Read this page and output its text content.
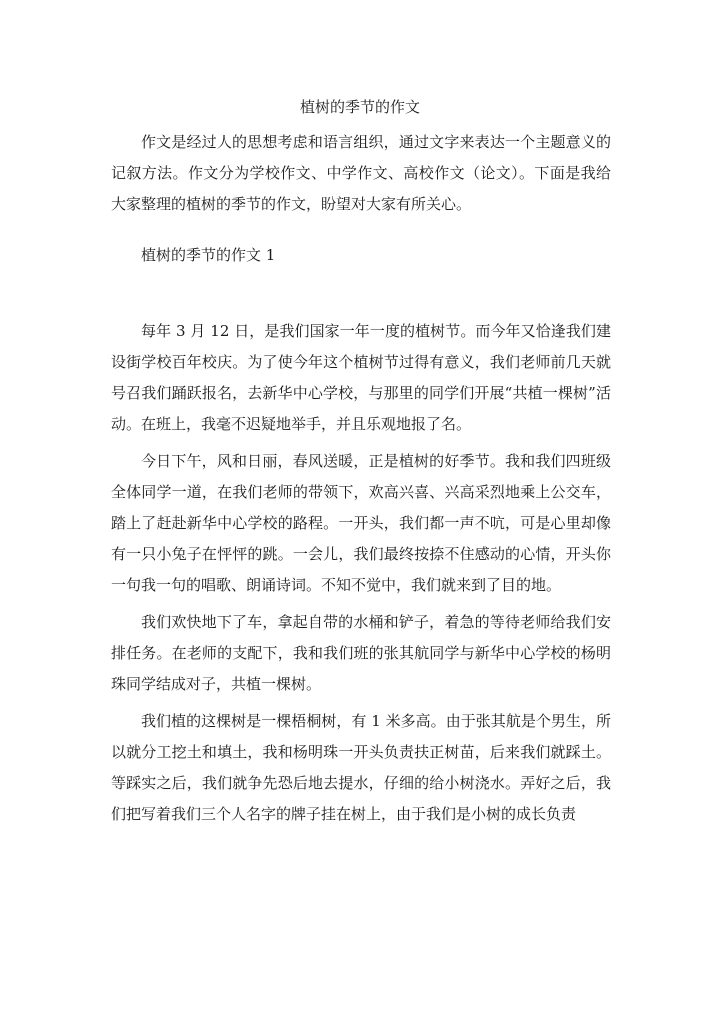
植树的季节的作文

作文是经过人的思想考虑和语言组织，通过文字来表达一个主题意义的记叙方法。作文分为学校作文、中学作文、高校作文（论文）。下面是我给大家整理的植树的季节的作文，盼望对大家有所关心。

植树的季节的作文 1

每年 3 月 12 日，是我们国家一年一度的植树节。而今年又恰逢我们建设街学校百年校庆。为了使今年这个植树节过得有意义，我们老师前几天就号召我们踊跃报名，去新华中心学校，与那里的同学们开展“共植一棵树”活动。在班上，我毫不迟疑地举手，并且乐观地报了名。

今日下午，风和日丽，春风送暖，正是植树的好季节。我和我们四班级全体同学一道，在我们老师的带领下，欢高兴喜、兴高采烈地乘上公交车，踏上了赶赴新华中心学校的路程。一开头，我们都一声不吭，可是心里却像有一只小兔子在怦怦的跳。一会儿，我们最终按捺不住感动的心情，开头你一句我一句的唱歌、朗诵诗词。不知不觉中，我们就来到了目的地。

我们欢快地下了车，拿起自带的水桶和铲子，着急的等待老师给我们安排任务。在老师的支配下，我和我们班的张其航同学与新华中心学校的杨明珠同学结成对子，共植一棵树。

我们植的这棵树是一棵梧桐树，有 1 米多高。由于张其航是个男生，所以就分工挖土和填土，我和杨明珠一开头负责扶正树苗，后来我们就踩土。等踩实之后，我们就争先恐后地去提水，仔细的给小树浇水。弄好之后，我们把写着我们三个人名字的牌子挂在树上，由于我们是小树的成长负责
